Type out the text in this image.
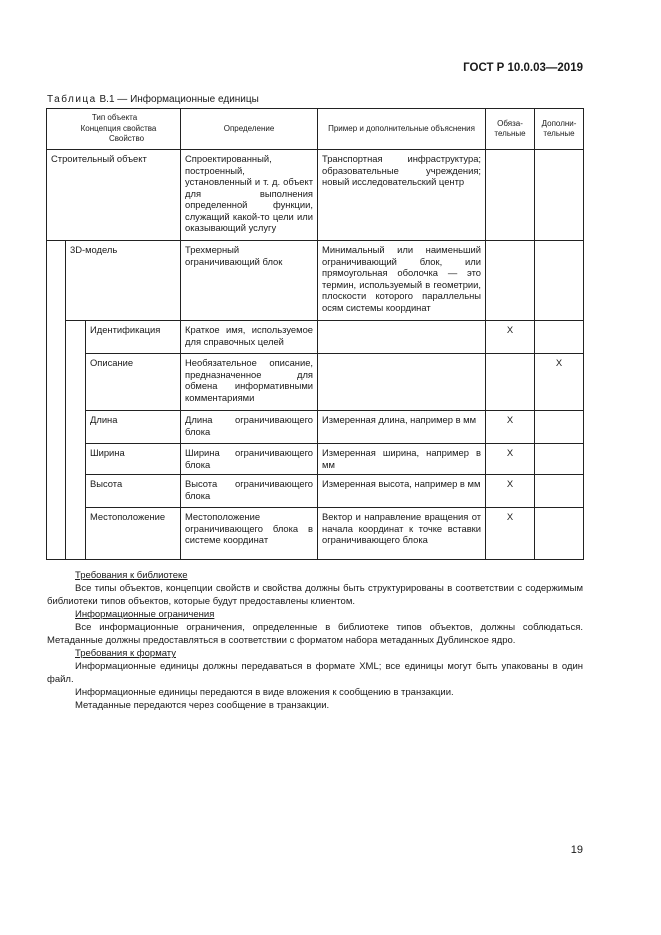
ГОСТ Р 10.0.03—2019
Таблица В.1 — Информационные единицы
Тип объекта
Концепция свойства
Свойство			Определение	Пример и дополнительные объяснения	Обяза-тельные	Дополни-тельные
Строительный объект			Спроектированный, построенный, установленный и т. д. объект для выполнения определенной функции, служащий какой-то цели или оказывающий услугу	Транспортная инфраструктура; образовательные учреждения; новый исследовательский центр		
	3D-модель		Трехмерный ограничивающий блок	Минимальный или наименьший ограничивающий блок, или прямоугольная оболочка — это термин, используемый в геометрии, плоскости которого параллельны осям системы координат		
		Идентификация	Краткое имя, используемое для справочных целей		Х	
		Описание	Необязательное описание, предназначенное для обмена информативными комментариями			Х
		Длина	Длина ограничивающего блока	Измеренная длина, например в мм	Х	
		Ширина	Ширина ограничивающего блока	Измеренная ширина, например в мм	Х	
		Высота	Высота ограничивающего блока	Измеренная высота, например в мм	Х	
		Местоположение	Местоположение ограничивающего блока в системе координат	Вектор и направление вращения от начала координат к точке вставки ограничивающего блока	Х	

Требования к библиотеке

Все типы объектов, концепции свойств и свойства должны быть структурированы в соответствии с содержимым библиотеки типов объектов, которые будут предоставлены клиентом.

Информационные ограничения

Все информационные ограничения, определенные в библиотеке типов объектов, должны соблюдаться. Метаданные должны предоставляться в соответствии с форматом набора метаданных Дублинское ядро.

Требования к формату

Информационные единицы должны передаваться в формате XML; все единицы могут быть упакованы в один файл.

Информационные единицы передаются в виде вложения к сообщению в транзакции.

Метаданные передаются через сообщение в транзакции.

19
